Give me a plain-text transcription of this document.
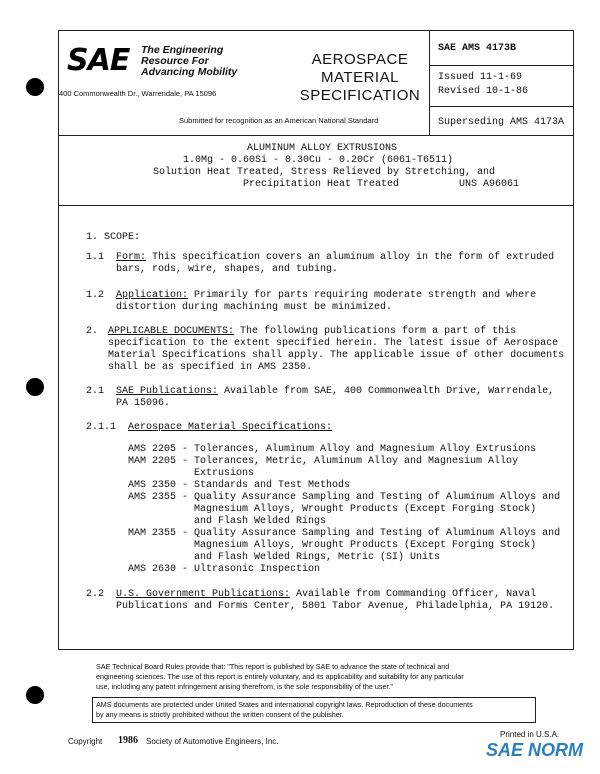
SAE The Engineering
Resource For
Advancing Mobility
400 Commonwealth Dr., Warrendale, PA 15096
Submitted for recognition as an American National Standard
AEROSPACE
MATERIAL
SPECIFICATION
SAE AMS 4173B
Issued 11-1-69
Revised 10-1-86
Superseding AMS 4173A
ALUMINUM ALLOY EXTRUSIONS
1.0Mg - 0.60Si - 0.30Cu - 0.20Cr (6061-T6511)
Solution Heat Treated, Stress Relieved by Stretching, and
Precipitation Heat Treated	UNS A96061
1. SCOPE:
1.1 Form: This specification covers an aluminum alloy in the form of extruded
bars, rods, wire, shapes, and tubing.
1.2 Application: Primarily for parts requiring moderate strength and where
distortion during machining must be minimized.
2. APPLICABLE DOCUMENTS: The following publications form a part of this
specification to the extent specified herein. The latest issue of Aerospace
Material Specifications shall apply. The applicable issue of other documents
shall be as specified in AMS 2350.
2.1 SAE Publications: Available from SAE, 400 Commonwealth Drive, Warrendale,
PA 15096.
2.1.1 Aerospace Material Specifications:
AMS 2205 - Tolerances, Aluminum Alloy and Magnesium Alloy Extrusions
MAM 2205 - Tolerances, Metric, Aluminum Alloy and Magnesium Alloy
Extrusions
AMS 2350 - Standards and Test Methods
AMS 2355 - Quality Assurance Sampling and Testing of Aluminum Alloys and
Magnesium Alloys, Wrought Products (Except Forging Stock)
and Flash Welded Rings
MAM 2355 - Quality Assurance Sampling and Testing of Aluminum Alloys and
Magnesium Alloys, Wrought Products (Except Forging Stock)
and Flash Welded Rings, Metric (SI) Units
AMS 2630 - Ultrasonic Inspection
2.2 U.S. Government Publications: Available from Commanding Officer, Naval
Publications and Forms Center, 5801 Tabor Avenue, Philadelphia, PA 19120.
SAE Technical Board Rules provide that: "This report is published by SAE to advance the state of technical and
engineering sciences. The use of this report is entirely voluntary, and its applicability and suitability for any particular
use, including any patent infringement arising therefrom, is the sole responsibility of the user."
AMS documents are protected under United States and international copyright laws. Reproduction of these documents
by any means is strictly prohibited without the written consent of the publisher.
Copyright 1986 Society of Automotive Engineers, Inc.
Printed in U.S.A.
SAE NORM
